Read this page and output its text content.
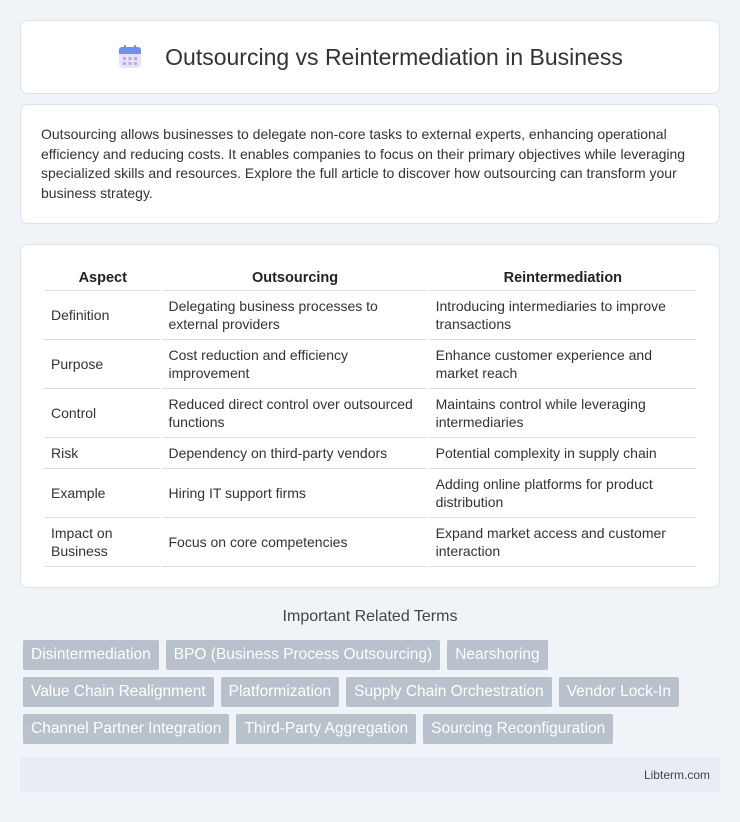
Outsourcing vs Reintermediation in Business

Outsourcing allows businesses to delegate non-core tasks to external experts, enhancing operational efficiency and reducing costs. It enables companies to focus on their primary objectives while leveraging specialized skills and resources. Explore the full article to discover how outsourcing can transform your business strategy.

Aspect	Outsourcing	Reintermediation
Definition	Delegating business processes to external providers	Introducing intermediaries to improve transactions
Purpose	Cost reduction and efficiency improvement	Enhance customer experience and market reach
Control	Reduced direct control over outsourced functions	Maintains control while leveraging intermediaries
Risk	Dependency on third-party vendors	Potential complexity in supply chain
Example	Hiring IT support firms	Adding online platforms for product distribution
Impact on Business	Focus on core competencies	Expand market access and customer interaction
Important Related Terms
Disintermediation	BPO (Business Process Outsourcing)	Nearshoring
Value Chain Realignment	Platformization	Supply Chain Orchestration	Vendor Lock-In
Channel Partner Integration	Third-Party Aggregation	Sourcing Reconfiguration
Libterm.com
